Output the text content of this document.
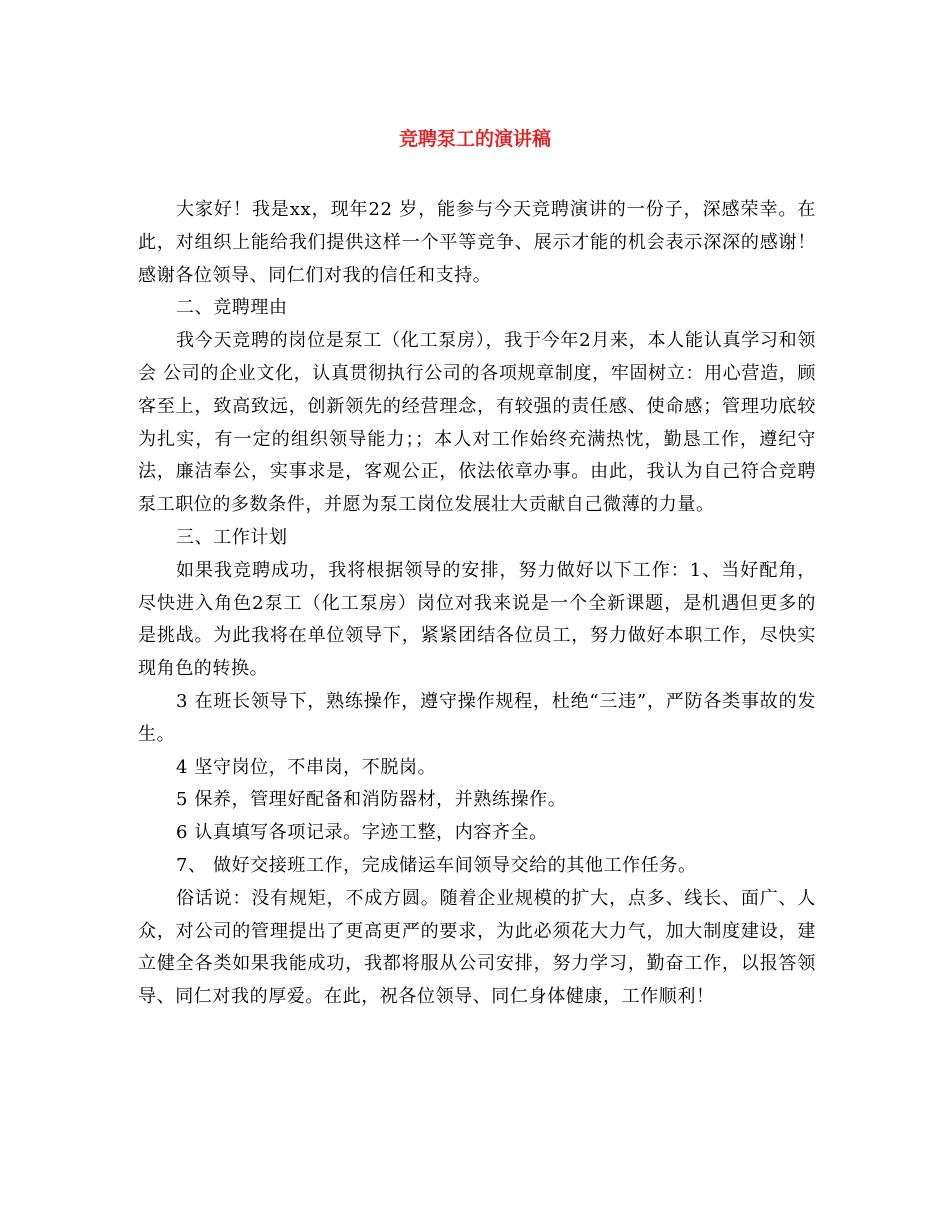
竞聘泵工的演讲稿

大家好！我是xx，现年22 岁，能参与今天竞聘演讲的一份子，深感荣幸。在此，对组织上能给我们提供这样一个平等竞争、展示才能的机会表示深深的感谢！感谢各位领导、同仁们对我的信任和支持。

二、竞聘理由

我今天竞聘的岗位是泵工（化工泵房），我于今年2月来，本人能认真学习和领会 公司的企业文化，认真贯彻执行公司的各项规章制度，牢固树立：用心营造，顾客至上，致高致远，创新领先的经营理念，有较强的责任感、使命感；管理功底较为扎实，有一定的组织领导能力；；本人对工作始终充满热忱，勤恳工作，遵纪守法，廉洁奉公，实事求是，客观公正，依法依章办事。由此，我认为自己符合竞聘泵工职位的多数条件，并愿为泵工岗位发展壮大贡献自己微薄的力量。

三、工作计划

如果我竞聘成功，我将根据领导的安排，努力做好以下工作：1、当好配角，尽快进入角色2泵工（化工泵房）岗位对我来说是一个全新课题，是机遇但更多的是挑战。为此我将在单位领导下，紧紧团结各位员工，努力做好本职工作，尽快实现角色的转换。

3 在班长领导下，熟练操作，遵守操作规程，杜绝“三违”，严防各类事故的发生。

4 坚守岗位，不串岗，不脱岗。

5 保养，管理好配备和消防器材，并熟练操作。

6 认真填写各项记录。字迹工整，内容齐全。

7、 做好交接班工作，完成储运车间领导交给的其他工作任务。

俗话说：没有规矩，不成方圆。随着企业规模的扩大，点多、线长、面广、人众，对公司的管理提出了更高更严的要求，为此必须花大力气，加大制度建设，建立健全各类如果我能成功，我都将服从公司安排，努力学习，勤奋工作，以报答领导、同仁对我的厚爱。在此，祝各位领导、同仁身体健康，工作顺利！
